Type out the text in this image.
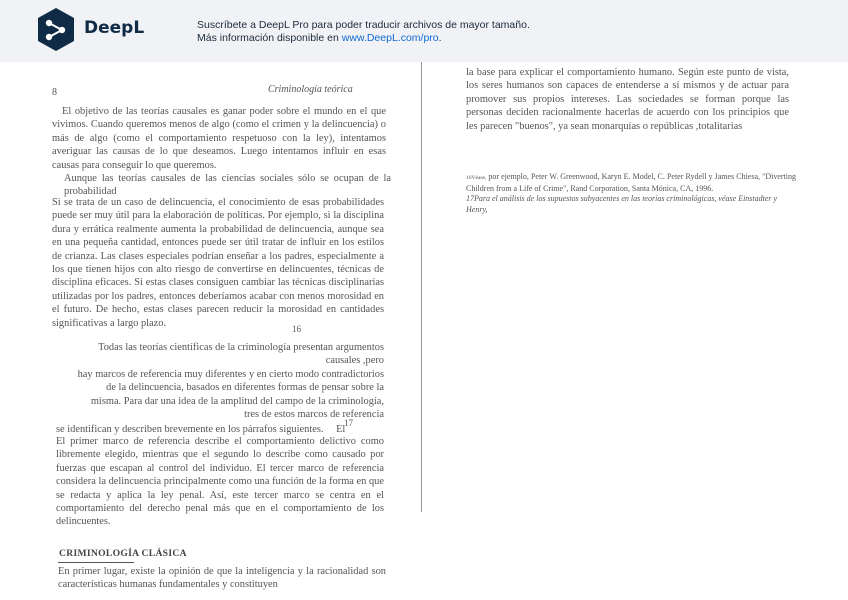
DeepL	Suscríbete a DeepL Pro para poder traducir archivos de mayor tamaño.
Más información disponible en www.DeepL.com/pro.
8	Criminología teórica

El objetivo de las teorías causales es ganar poder sobre el mundo en el que vivimos. Cuando queremos menos de algo (como el crimen y la delincuencia) o más de algo (como el comportamiento respetuoso con la ley), intentamos averiguar las causas de lo que deseamos. Luego intentamos influir en esas causas para conseguir lo que queremos.

Aunque las teorías causales de las ciencias sociales sólo se ocupan de la probabilidad

Si se trata de un caso de delincuencia, el conocimiento de esas probabilidades puede ser muy útil para la elaboración de políticas. Por ejemplo, si la disciplina dura y errática realmente aumenta la probabilidad de delincuencia, aunque sea en una pequeña cantidad, entonces puede ser útil tratar de influir en los estilos de crianza. Las clases especiales podrían enseñar a los padres, especialmente a los que tienen hijos con alto riesgo de convertirse en delincuentes, técnicas de disciplina eficaces. Si estas clases consiguen cambiar las técnicas disciplinarias utilizadas por los padres, entonces deberíamos acabar con menos morosidad en el futuro. De hecho, estas clases parecen reducir la morosidad en cantidades significativas a largo plazo.

16
Todas las teorías científicas de la criminología presentan argumentos
causales ,pero
hay marcos de referencia muy diferentes y en cierto modo contradictorios
de la delincuencia, basados en diferentes formas de pensar sobre la
misma. Para dar una idea de la amplitud del campo de la criminología,
tres de estos marcos de referencia
17
se identifican y describen brevemente en los párrafos siguientes. El

El primer marco de referencia describe el comportamiento delictivo como libremente elegido, mientras que el segundo lo describe como causado por fuerzas que escapan al control del individuo. El tercer marco de referencia considera la delincuencia principalmente como una función de la forma en que se redacta y aplica la ley penal. Así, este tercer marco se centra en el comportamiento del derecho penal más que en el comportamiento de los delincuentes.

CRIMINOLOGÍA CLÁSICA

En primer lugar, existe la opinión de que la inteligencia y la racionalidad son características humanas fundamentales y constituyen

la base para explicar el comportamiento humano. Según este punto de vista, los seres humanos son capaces de entenderse a sí mismos y de actuar para promover sus propios intereses. Las sociedades se forman porque las personas deciden racionalmente hacerlas de acuerdo con los principios que les parecen "buenos", ya sean monarquías o repúblicas ,totalitarias

16Véase, por ejemplo, Peter W. Greenwood, Karyn E. Model, C. Peter Rydell y James Chiesa, "Diverting Children from a Life of Crime", Rand Corporation, Santa Mónica, CA, 1996.
17Para el análisis de los supuestos subyacentes en las teorías criminológicas, véase Einstadter y Henry,
